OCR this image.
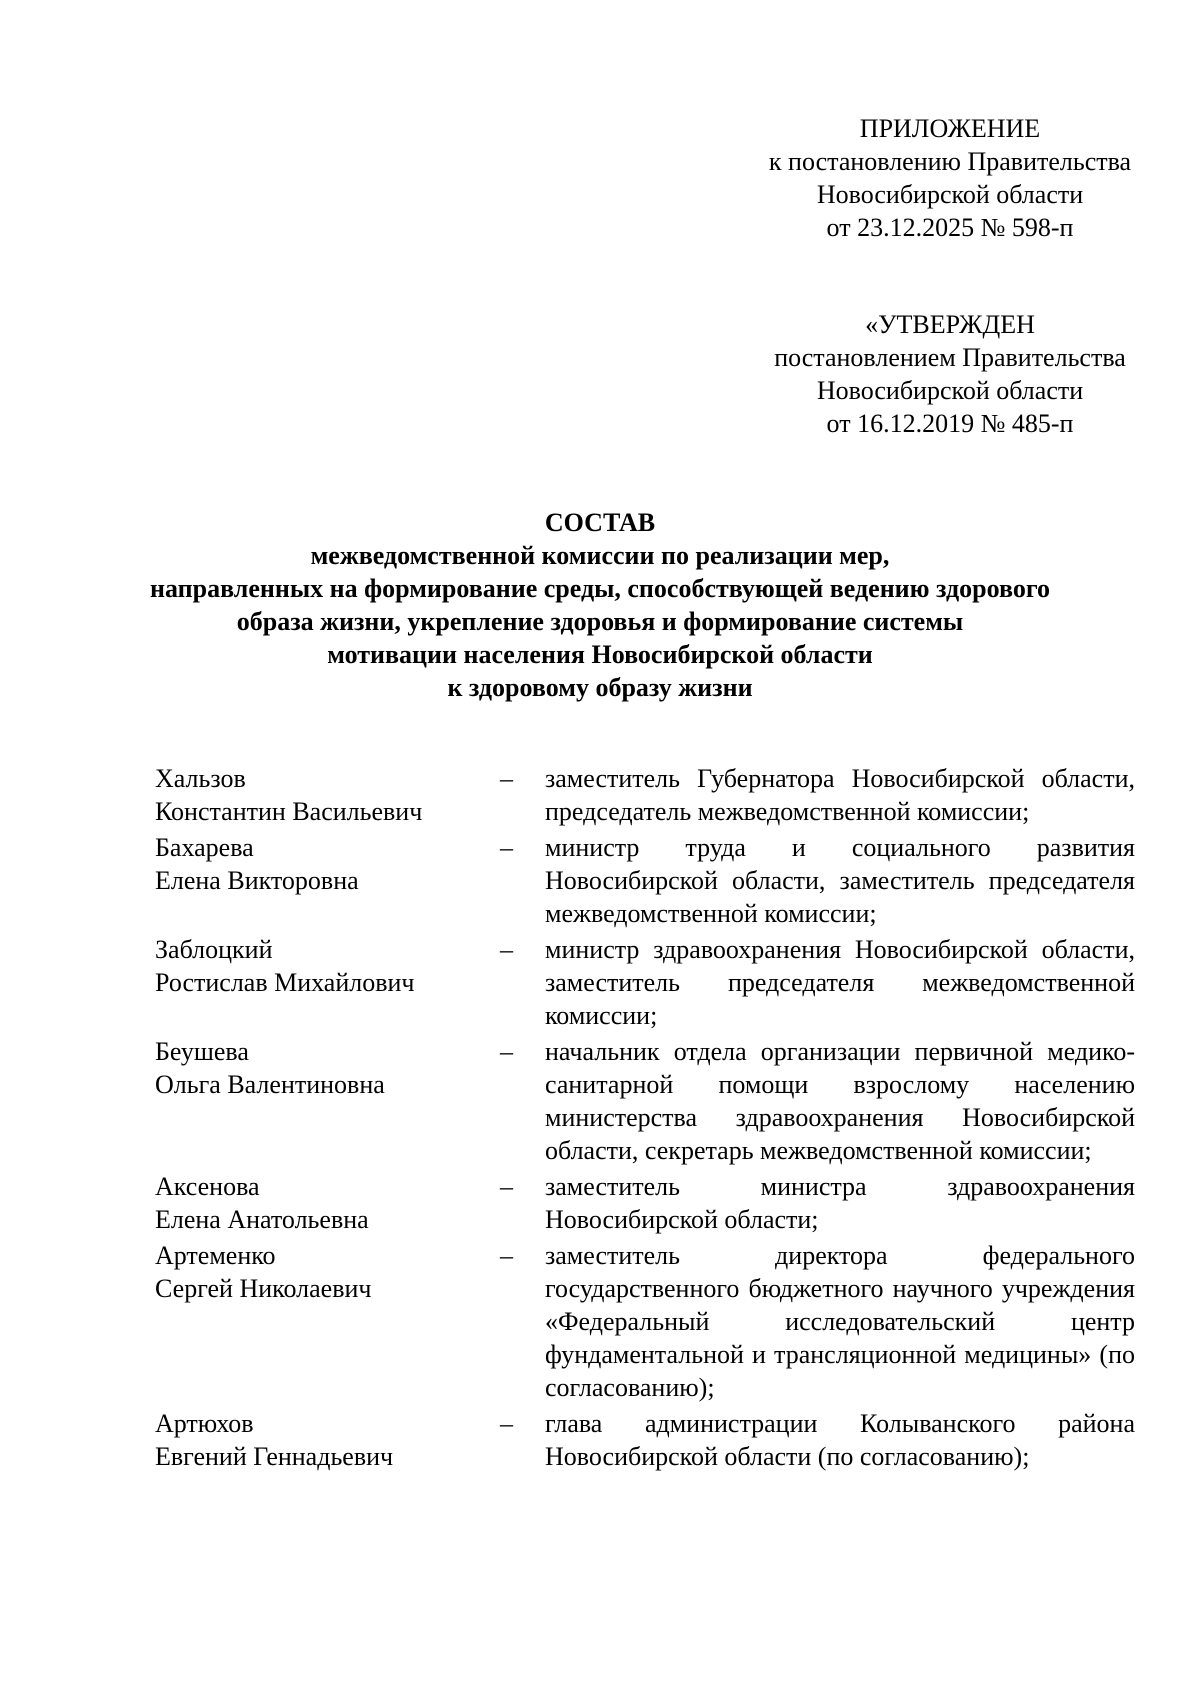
ПРИЛОЖЕНИЕ
к постановлению Правительства
Новосибирской области
от 23.12.2025 № 598-п
«УТВЕРЖДЕН
постановлением Правительства
Новосибирской области
от 16.12.2019 № 485-п
СОСТАВ
межведомственной комиссии по реализации мер,
направленных на формирование среды, способствующей ведению здорового
образа жизни, укрепление здоровья и формирование системы
мотивации населения Новосибирской области
к здоровому образу жизни
Хальзов
Константин Васильевич
–	заместитель Губернатора Новосибирской области, председатель межведомственной комиссии;
Бахарева
Елена Викторовна
–	министр труда и социального развития Новосибирской области, заместитель председателя межведомственной комиссии;
Заблоцкий
Ростислав Михайлович
–	министр здравоохранения Новосибирской области, заместитель председателя межведомственной комиссии;
Беушева
Ольга Валентиновна
–	начальник отдела организации первичной медико-санитарной помощи взрослому населению министерства здравоохранения Новосибирской области, секретарь межведомственной комиссии;
Аксенова
Елена Анатольевна
–	заместитель министра здравоохранения Новосибирской области;
Артеменко
Сергей Николаевич
–	заместитель директора федерального государственного бюджетного научного учреждения «Федеральный исследовательский центр фундаментальной и трансляционной медицины» (по согласованию);
Артюхов
Евгений Геннадьевич
–	глава администрации Колыванского района Новосибирской области (по согласованию);
